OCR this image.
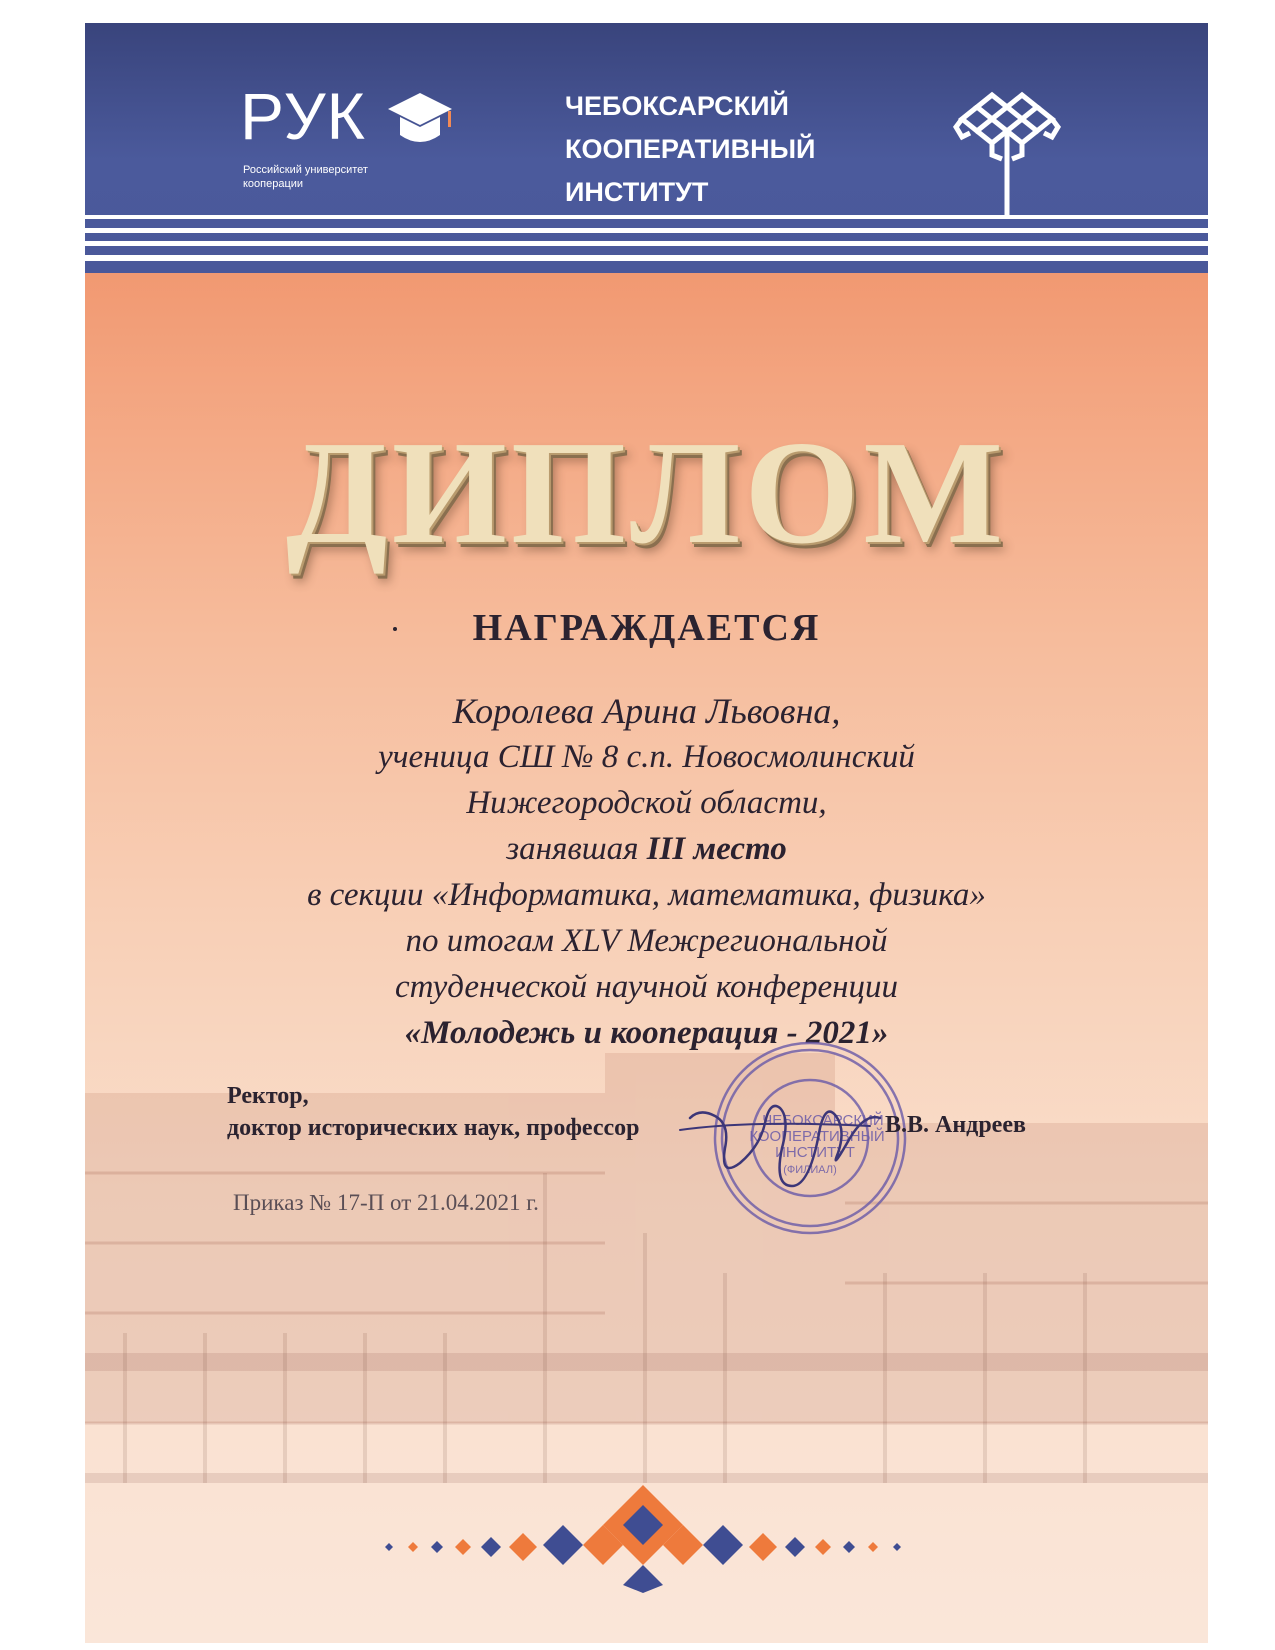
РУК
Российский университет
кооперации
ЧЕБОКСАРСКИЙ
КООПЕРАТИВНЫЙ
ИНСТИТУТ
ДИПЛОМ
НАГРАЖДАЕТСЯ
Королева Арина Львовна,
ученица СШ № 8 с.п. Новосмолинский
Нижегородской области,
занявшая III место
в секции «Информатика, математика, физика»
по итогам XLV Межрегиональной
студенческой научной конференции
«Молодежь и кооперация - 2021»
ЧЕБОКСАРСКИЙ
КООПЕРАТИВНЫЙ
ИНСТИТУТ
(ФИЛИАЛ)
Ректор,
доктор исторических наук, профессор	В.В. Андреев
Приказ № 17-П от 21.04.2021 г.
